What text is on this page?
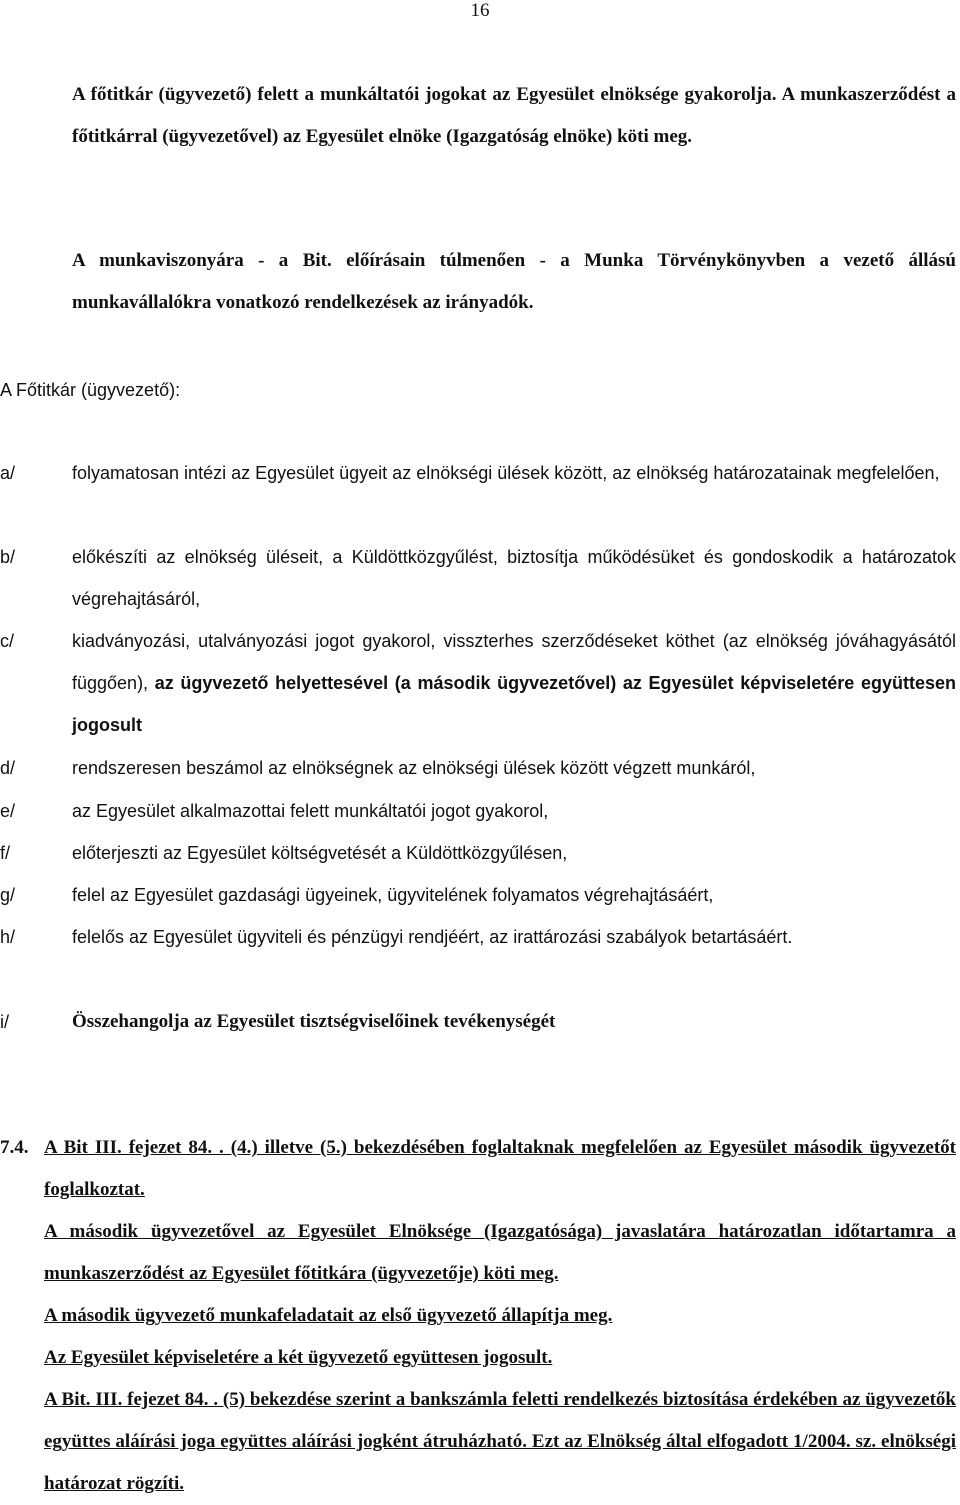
16
A főtitkár (ügyvezető) felett a munkáltatói jogokat az Egyesület elnöksége gyakorolja. A munkaszerződést a főtitkárral (ügyvezetővel) az Egyesület elnöke (Igazgatóság elnöke) köti meg.
A munkaviszonyára - a Bit. előírásain túlmenően - a Munka Törvénykönyvben a vezető állású munkavállalókra vonatkozó rendelkezések az irányadók.
A Főtitkár (ügyvezető):
a/	folyamatosan intézi az Egyesület ügyeit az elnökségi ülések között, az elnökség határozatainak megfelelően,
b/	előkészíti az elnökség üléseit, a Küldöttközgyűlést, biztosítja működésüket és gondoskodik a határozatok végrehajtásáról,
c/	kiadványozási, utalványozási jogot gyakorol, visszterhes szerződéseket köthet (az elnökség jóváhagyásától függően), az ügyvezető helyettesével (a második ügyvezetővel) az Egyesület képviseletére együttesen jogosult
d/	rendszeresen beszámol az elnökségnek az elnökségi ülések között végzett munkáról,
e/	az Egyesület alkalmazottai felett munkáltatói jogot gyakorol,
f/	előterjeszti az Egyesület költségvetését a Küldöttközgyűlésen,
g/	felel az Egyesület gazdasági ügyeinek, ügyvitelének folyamatos végrehajtásáért,
h/	felelős az Egyesület ügyviteli és pénzügyi rendjéért, az irattározási szabályok betartásáért.
i/	Összehangolja az Egyesület tisztségviselőinek tevékenységét
7.4. A Bit III. fejezet 84. . (4.) illetve (5.) bekezdésében foglaltaknak megfelelően az Egyesület második ügyvezetőt foglalkoztat.
A második ügyvezetővel az Egyesület Elnöksége (Igazgatósága) javaslatára határozatlan időtartamra a munkaszerződést az Egyesület főtitkára (ügyvezetője) köti meg.
A második ügyvezető munkafeladatait az első ügyvezető állapítja meg.
Az Egyesület képviseletére a két ügyvezető együttesen jogosult.
A Bit. III. fejezet 84. . (5) bekezdése szerint a bankszámla feletti rendelkezés biztosítása érdekében az ügyvezetők együttes aláírási joga együttes aláírási jogként átruházható. Ezt az Elnökség által elfogadott 1/2004. sz. elnökségi határozat rögzíti.
